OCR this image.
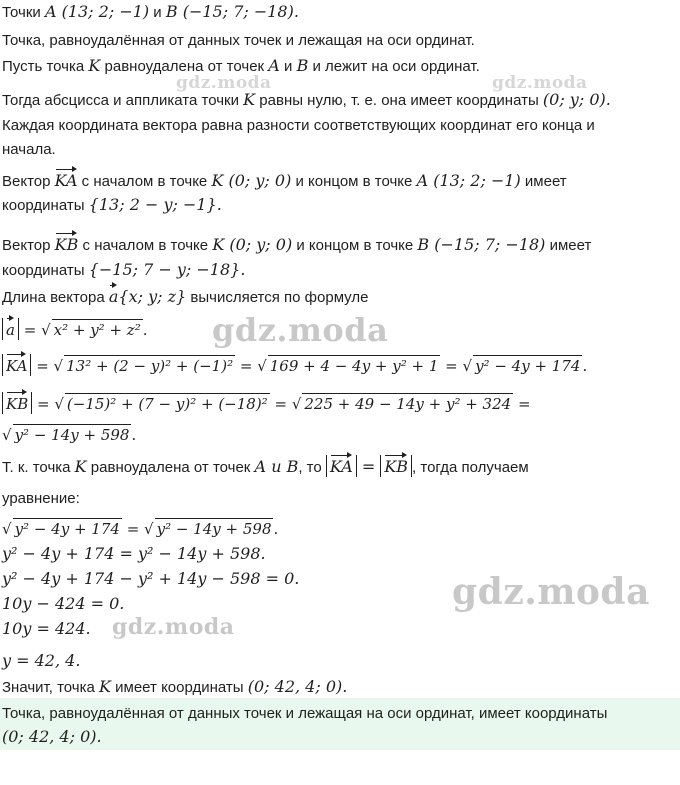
gdz.moda	gdz.moda
gdz.moda
gdz.moda
gdz.moda
Точки A (13; 2; −1) и B (−15; 7; −18).
Точка, равноудалённая от данных точек и лежащая на оси ординат.
Пусть точка K равноудалена от точек A и B и лежит на оси ординат.
Тогда абсцисса и аппликата точки K равны нулю, т. е. она имеет координаты (0; y; 0).
Каждая координата вектора равна разности соответствующих координат его конца и
начала.
Вектор KA с началом в точке K (0; y; 0) и концом в точке A (13; 2; −1) имеет
координаты {13; 2 − y; −1}.
Вектор KB с началом в точке K (0; y; 0) и концом в точке B (−15; 7; −18) имеет
координаты {−15; 7 − y; −18}.
Длина вектора a{x; y; z} вычисляется по формуле
a = √ x² + y² + z² .
KA = √ 13² + (2 − y)² + (−1)² = √ 169 + 4 − 4y + y² + 1 = √ y² − 4y + 174 .
KB = √ (−15)² + (7 − y)² + (−18)² = √ 225 + 49 − 14y + y² + 324 =
√ y² − 14y + 598 .
Т. к. точка K равноудалена от точек A и B, то KA = KB , тогда получаем
уравнение:
√ y² − 4y + 174 = √ y² − 14y + 598 .
y² − 4y + 174 = y² − 14y + 598.
y² − 4y + 174 − y² + 14y − 598 = 0.
10y − 424 = 0.
10y = 424.
y = 42, 4.
Значит, точка K имеет координаты (0; 42, 4; 0).
Точка, равноудалённая от данных точек и лежащая на оси ординат, имеет координаты
(0; 42, 4; 0).
